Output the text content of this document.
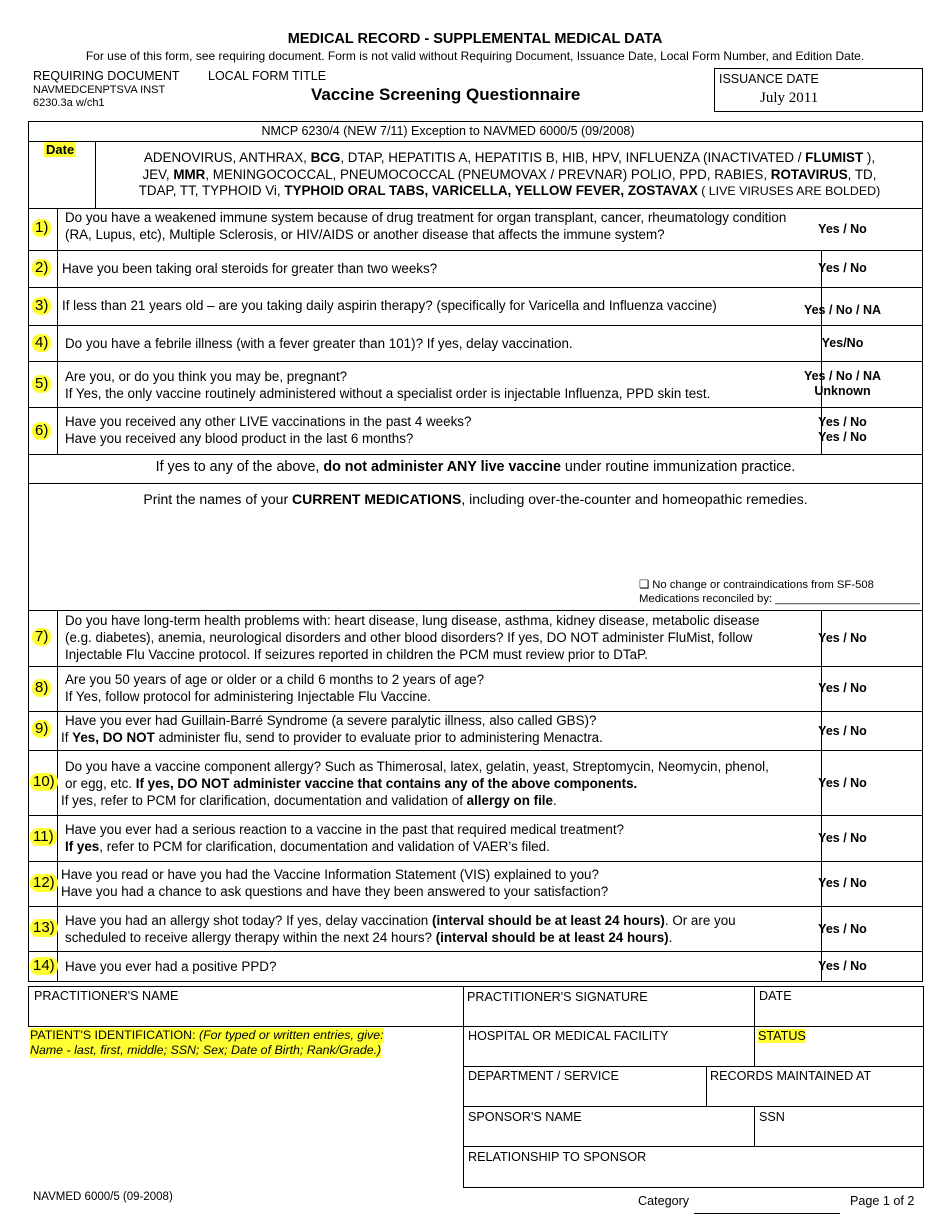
MEDICAL RECORD - SUPPLEMENTAL MEDICAL DATA
For use of this form, see requiring document. Form is not valid without Requiring Document, Issuance Date, Local Form Number, and Edition Date.
REQUIRING DOCUMENT
NAVMEDCENPTSVA INST
6230.3a w/ch1
LOCAL FORM TITLE
Vaccine Screening Questionnaire
ISSUANCE DATE
July 2011
NMCP 6230/4 (NEW 7/11) Exception to NAVMED 6000/5 (09/2008)
Date
ADENOVIRUS, ANTHRAX, BCG, DTAP, HEPATITIS A, HEPATITIS B, HIB, HPV, INFLUENZA (INACTIVATED / FLUMIST ),
JEV, MMR, MENINGOCOCCAL, PNEUMOCOCCAL (PNEUMOVAX / PREVNAR) POLIO, PPD, RABIES, ROTAVIRUS, TD,
TDAP, TT, TYPHOID Vi, TYPHOID ORAL TABS, VARICELLA, YELLOW FEVER, ZOSTAVAX ( LIVE VIRUSES ARE BOLDED)
1)
Do you have a weakened immune system because of drug treatment for organ transplant, cancer, rheumatology condition
(RA, Lupus, etc), Multiple Sclerosis, or HIV/AIDS or another disease that affects the immune system?	Yes / No
2) Have you been taking oral steroids for greater than two weeks?	Yes / No
3) If less than 21 years old – are you taking daily aspirin therapy? (specifically for Varicella and Influenza vaccine)	Yes / No / NA
4) Do you have a febrile illness (with a fever greater than 101)? If yes, delay vaccination.	Yes/No
5) Are you, or do you think you may be, pregnant?
If Yes, the only vaccine routinely administered without a specialist order is injectable Influenza, PPD skin test.
Yes / No / NA
Unknown
6)
Have you received any other LIVE vaccinations in the past 4 weeks?
Have you received any blood product in the last 6 months?
Yes / No
Yes / No
If yes to any of the above, do not administer ANY live vaccine under routine immunization practice.
Print the names of your CURRENT MEDICATIONS, including over-the-counter and homeopathic remedies.
❏ No change or contraindications from SF-508
Medications reconciled by: _______________________
7)
Do you have long-term health problems with: heart disease, lung disease, asthma, kidney disease, metabolic disease
(e.g. diabetes), anemia, neurological disorders and other blood disorders? If yes, DO NOT administer FluMist, follow
Injectable Flu Vaccine protocol. If seizures reported in children the PCM must review prior to DTaP.
Yes / No
8) Are you 50 years of age or older or a child 6 months to 2 years of age?
If Yes, follow protocol for administering Injectable Flu Vaccine.
Yes / No
9) Have you ever had Guillain-Barré Syndrome (a severe paralytic illness, also called GBS)?
If Yes, DO NOT administer flu, send to provider to evaluate prior to administering Menactra.	Yes / No
10)
Do you have a vaccine component allergy? Such as Thimerosal, latex, gelatin, yeast, Streptomycin, Neomycin, phenol,
or egg, etc. If yes, DO NOT administer vaccine that contains any of the above components.
If yes, refer to PCM for clarification, documentation and validation of allergy on file.
Yes / No
11) Have you ever had a serious reaction to a vaccine in the past that required medical treatment?
If yes, refer to PCM for clarification, documentation and validation of VAER’s filed.
Yes / No
12) Have you read or have you had the Vaccine Information Statement (VIS) explained to you?
Have you had a chance to ask questions and have they been answered to your satisfaction?
Yes / No
13) Have you had an allergy shot today? If yes, delay vaccination (interval should be at least 24 hours). Or are you
scheduled to receive allergy therapy within the next 24 hours? (interval should be at least 24 hours).
Yes / No
14) Have you ever had a positive PPD?	Yes / No
PRACTITIONER'S NAME	PRACTITIONER'S SIGNATURE	DATE
PATIENT'S IDENTIFICATION: (For typed or written entries, give:
Name - last, first, middle; SSN; Sex; Date of Birth; Rank/Grade.)
HOSPITAL OR MEDICAL FACILITY	STATUS
DEPARTMENT / SERVICE	RECORDS MAINTAINED AT
SPONSOR'S NAME	SSN
RELATIONSHIP TO SPONSOR
NAVMED 6000/5 (09-2008)	Category	Page 1 of 2
